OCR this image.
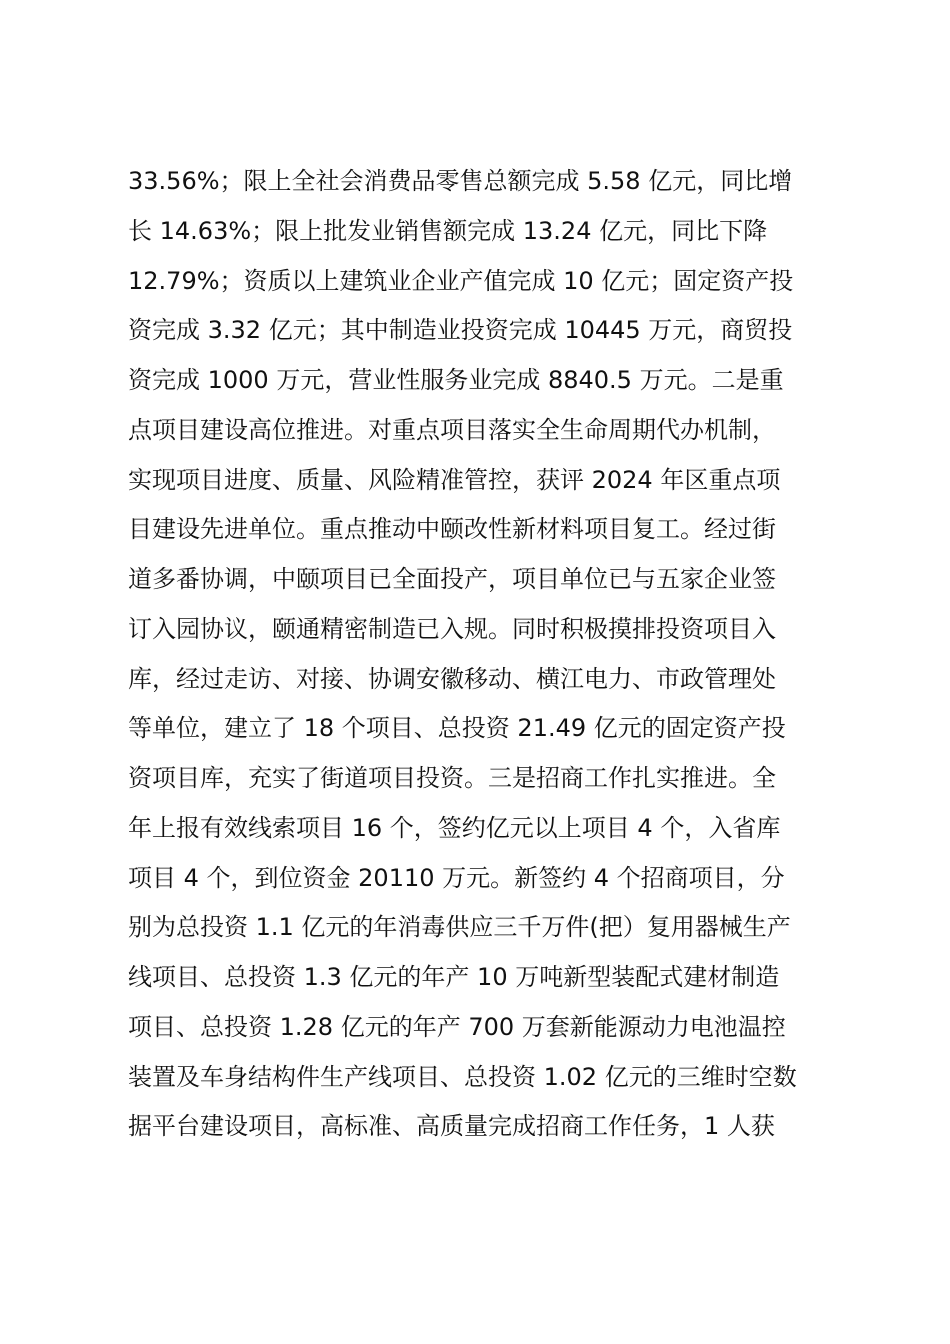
33.56%；限上全社会消费品零售总额完成 5.58 亿元，同比增
长 14.63%；限上批发业销售额完成 13.24 亿元，同比下降
12.79%；资质以上建筑业企业产值完成 10 亿元；固定资产投
资完成 3.32 亿元；其中制造业投资完成 10445 万元，商贸投
资完成 1000 万元，营业性服务业完成 8840.5 万元。二是重
点项目建设高位推进。对重点项目落实全生命周期代办机制，
实现项目进度、质量、风险精准管控，获评 2024 年区重点项
目建设先进单位。重点推动中颐改性新材料项目复工。经过街
道多番协调，中颐项目已全面投产，项目单位已与五家企业签
订入园协议，颐通精密制造已入规。同时积极摸排投资项目入
库，经过走访、对接、协调安徽移动、横江电力、市政管理处
等单位，建立了 18 个项目、总投资 21.49 亿元的固定资产投
资项目库，充实了街道项目投资。三是招商工作扎实推进。全
年上报有效线索项目 16 个，签约亿元以上项目 4 个，入省库
项目 4 个，到位资金 20110 万元。新签约 4 个招商项目，分
别为总投资 1.1 亿元的年消毒供应三千万件(把）复用器械生产
线项目、总投资 1.3 亿元的年产 10 万吨新型装配式建材制造
项目、总投资 1.28 亿元的年产 700 万套新能源动力电池温控
装置及车身结构件生产线项目、总投资 1.02 亿元的三维时空数
据平台建设项目，高标准、高质量完成招商工作任务，1 人获
